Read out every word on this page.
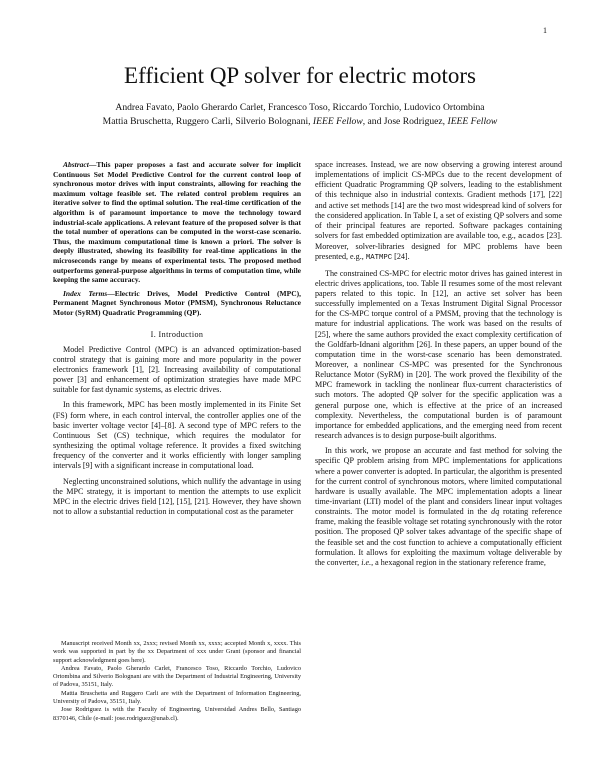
1
Efficient QP solver for electric motors
Andrea Favato, Paolo Gherardo Carlet, Francesco Toso, Riccardo Torchio, Ludovico Ortombina
Mattia Bruschetta, Ruggero Carli, Silverio Bolognani, IEEE Fellow, and Jose Rodriguez, IEEE Fellow

Abstract—This paper proposes a fast and accurate solver for implicit Continuous Set Model Predictive Control for the current control loop of synchronous motor drives with input constraints, allowing for reaching the maximum voltage feasible set. The related control problem requires an iterative solver to find the optimal solution. The real-time certification of the algorithm is of paramount importance to move the technology toward industrial-scale applications. A relevant feature of the proposed solver is that the total number of operations can be computed in the worst-case scenario. Thus, the maximum computational time is known a priori. The solver is deeply illustrated, showing its feasibility for real-time applications in the microseconds range by means of experimental tests. The proposed method outperforms general-purpose algorithms in terms of computation time, while keeping the same accuracy.

Index Terms—Electric Drives, Model Predictive Control (MPC), Permanent Magnet Synchronous Motor (PMSM), Synchronous Reluctance Motor (SyRM) Quadratic Programming (QP).

I. Introduction

Model Predictive Control (MPC) is an advanced optimization-based control strategy that is gaining more and more popularity in the power electronics framework [1], [2]. Increasing availability of computational power [3] and enhancement of optimization strategies have made MPC suitable for fast dynamic systems, as electric drives.

In this framework, MPC has been mostly implemented in its Finite Set (FS) form where, in each control interval, the controller applies one of the basic inverter voltage vector [4]–[8]. A second type of MPC refers to the Continuous Set (CS) technique, which requires the modulator for synthesizing the optimal voltage reference. It provides a fixed switching frequency of the converter and it works efficiently with longer sampling intervals [9] with a significant increase in computational load.

Neglecting unconstrained solutions, which nullify the advantage in using the MPC strategy, it is important to mention the attempts to use explicit MPC in the electric drives field [12], [15], [21]. However, they have shown not to allow a substantial reduction in computational cost as the parameter

Manuscript received Month xx, 2xxx; revised Month xx, xxxx; accepted Month x, xxxx. This work was supported in part by the xx Department of xxx under Grant (sponsor and financial support acknowledgment goes here).

Andrea Favato, Paolo Gherardo Carlet, Francesco Toso, Riccardo Torchio, Ludovico Ortombina and Silverio Bolognani are with the Department of Industrial Engineering, University of Padova, 35151, Italy.

Mattia Bruschetta and Ruggero Carli are with the Department of Information Engineering, University of Padova, 35151, Italy.

Jose Rodriguez is with the Faculty of Engineering, Universidad Andres Bello, Santiago 8370146, Chile (e-mail: jose.rodriguez@unab.cl).

space increases. Instead, we are now observing a growing interest around implementations of implicit CS-MPCs due to the recent development of efficient Quadratic Programming QP solvers, leading to the establishment of this technique also in industrial contexts. Gradient methods [17], [22] and active set methods [14] are the two most widespread kind of solvers for the considered application. In Table I, a set of existing QP solvers and some of their principal features are reported. Software packages containing solvers for fast embedded optimization are available too, e.g., acados [23]. Moreover, solver-libraries designed for MPC problems have been presented, e.g., MATMPC [24].

The constrained CS-MPC for electric motor drives has gained interest in electric drives applications, too. Table II resumes some of the most relevant papers related to this topic. In [12], an active set solver has been successfully implemented on a Texas Instrument Digital Signal Processor for the CS-MPC torque control of a PMSM, proving that the technology is mature for industrial applications. The work was based on the results of [25], where the same authors provided the exact complexity certification of the Goldfarb-Idnani algorithm [26]. In these papers, an upper bound of the computation time in the worst-case scenario has been demonstrated. Moreover, a nonlinear CS-MPC was presented for the Synchronous Reluctance Motor (SyRM) in [20]. The work proved the flexibility of the MPC framework in tackling the nonlinear flux-current characteristics of such motors. The adopted QP solver for the specific application was a general purpose one, which is effective at the price of an increased complexity. Nevertheless, the computational burden is of paramount importance for embedded applications, and the emerging need from recent research advances is to design purpose-built algorithms.

In this work, we propose an accurate and fast method for solving the specific QP problem arising from MPC implementations for applications where a power converter is adopted. In particular, the algorithm is presented for the current control of synchronous motors, where limited computational hardware is usually available. The MPC implementation adopts a linear time-invariant (LTI) model of the plant and considers linear input voltages constraints. The motor model is formulated in the dq rotating reference frame, making the feasible voltage set rotating synchronously with the rotor position. The proposed QP solver takes advantage of the specific shape of the feasible set and the cost function to achieve a computationally efficient formulation. It allows for exploiting the maximum voltage deliverable by the converter, i.e., a hexagonal region in the stationary reference frame,
